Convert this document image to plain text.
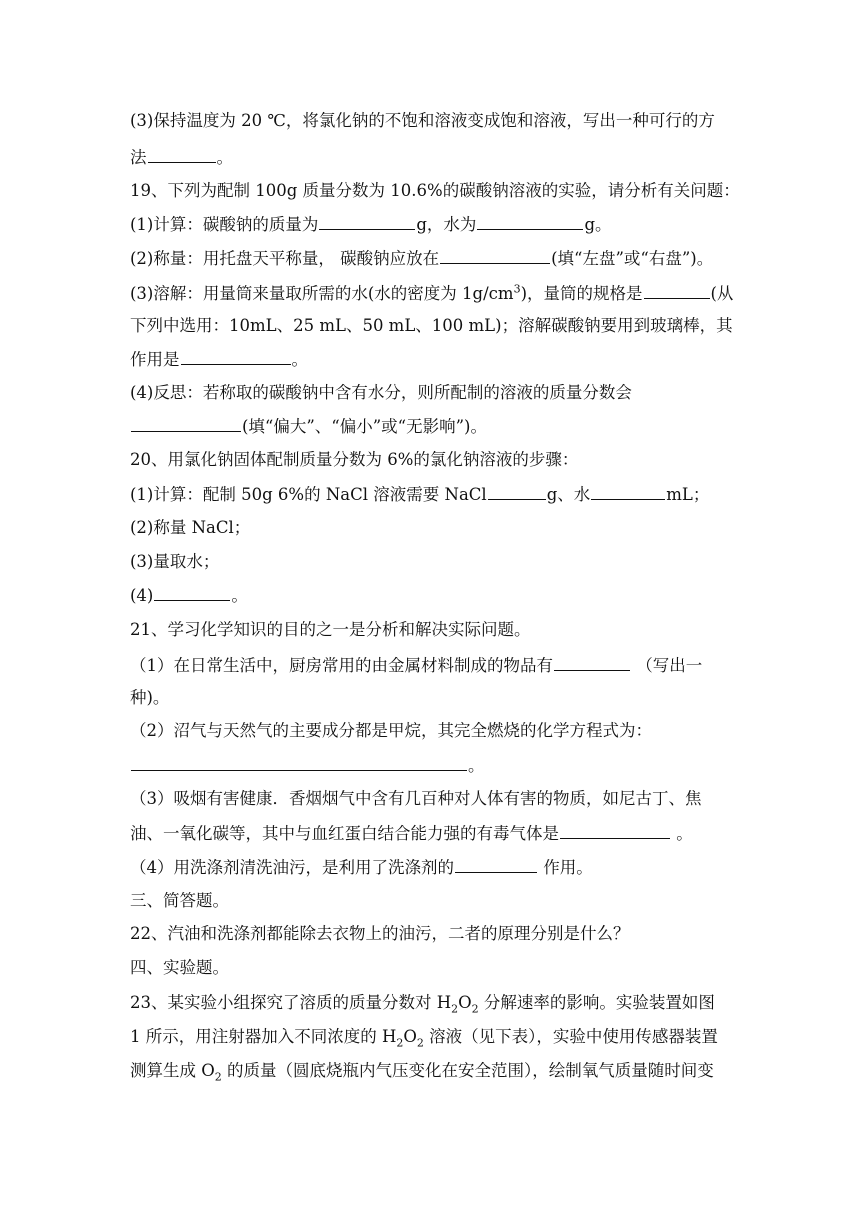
(3)保持温度为 20 ℃，将氯化钠的不饱和溶液变成饱和溶液，写出一种可行的方
法	。
19、下列为配制 100g 质量分数为 10.6%的碳酸钠溶液的实验，请分析有关问题：
(1)计算：碳酸钠的质量为	g，水为	g。
(2)称量：用托盘天平称量， 碳酸钠应放在	(填“左盘”或“右盘”)。
(3)溶解：用量筒来量取所需的水(水的密度为 $1g/cm^3$)，量筒的规格是	(从
下列中选用：10mL、25 mL、50 mL、100 mL)；溶解碳酸钠要用到玻璃棒，其
作用是	。
(4)反思：若称取的碳酸钠中含有水分，则所配制的溶液的质量分数会
(填“偏大”、“偏小”或“无影响”)。
20、用氯化钠固体配制质量分数为 6%的氯化钠溶液的步骤：
(1)计算：配制 50g 6%的 NaCl 溶液需要 NaCl	g、水	mL；
(2)称量 NaCl；
(3)量取水；
(4)	。
21、学习化学知识的目的之一是分析和解决实际问题。
（1）在日常生活中，厨房常用的由金属材料制成的物品有	（写出一
种)。
（2）沼气与天然气的主要成分都是甲烷，其完全燃烧的化学方程式为：
。
（3）吸烟有害健康．香烟烟气中含有几百种对人体有害的物质，如尼古丁、焦
油、一氧化碳等，其中与血红蛋白结合能力强的有毒气体是	。
（4）用洗涤剂清洗油污，是利用了洗涤剂的	作用。
三、简答题。
22、汽油和洗涤剂都能除去衣物上的油污，二者的原理分别是什么？
四、实验题。
23、某实验小组探究了溶质的质量分数对 $H_2O_2$ 分解速率的影响。实验装置如图
1 所示，用注射器加入不同浓度的 $H_2O_2$ 溶液（见下表），实验中使用传感器装置
测算生成 $O_2$ 的质量（圆底烧瓶内气压变化在安全范围），绘制氧气质量随时间变
